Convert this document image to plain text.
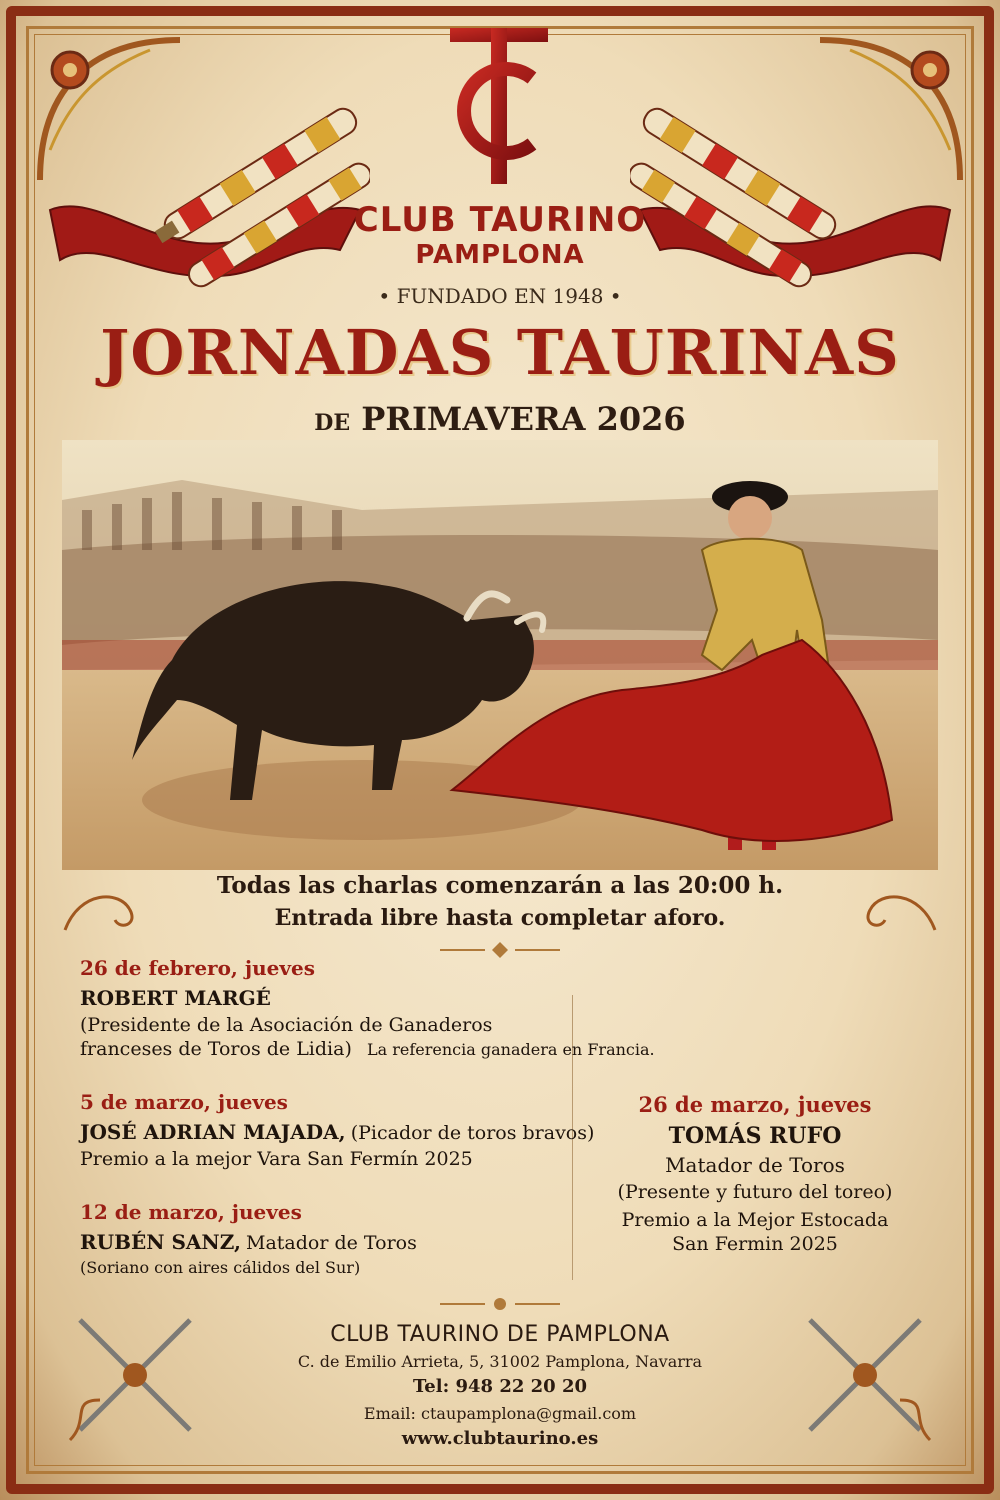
CLUB TAURINO
PAMPLONA
• FUNDADO EN 1948 •
JORNADAS TAURINAS
DE PRIMAVERA 2026
Todas las charlas comenzarán a las 20:00 h.
Entrada libre hasta completar aforo.
26 de febrero, jueves
ROBERT MARGÉ
(Presidente de la Asociación de Ganaderos
franceses de Toros de Lidia) La referencia ganadera en Francia.
5 de marzo, jueves
JOSÉ ADRIAN MAJADA, (Picador de toros bravos)
Premio a la mejor Vara San Fermín 2025
12 de marzo, jueves
RUBÉN SANZ, Matador de Toros
(Soriano con aires cálidos del Sur)
26 de marzo, jueves
TOMÁS RUFO
Matador de Toros
(Presente y futuro del toreo)
Premio a la Mejor Estocada
San Fermin 2025
CLUB TAURINO DE PAMPLONA
C. de Emilio Arrieta, 5, 31002 Pamplona, Navarra
Tel: 948 22 20 20
Email: ctaupamplona@gmail.com
www.clubtaurino.es
